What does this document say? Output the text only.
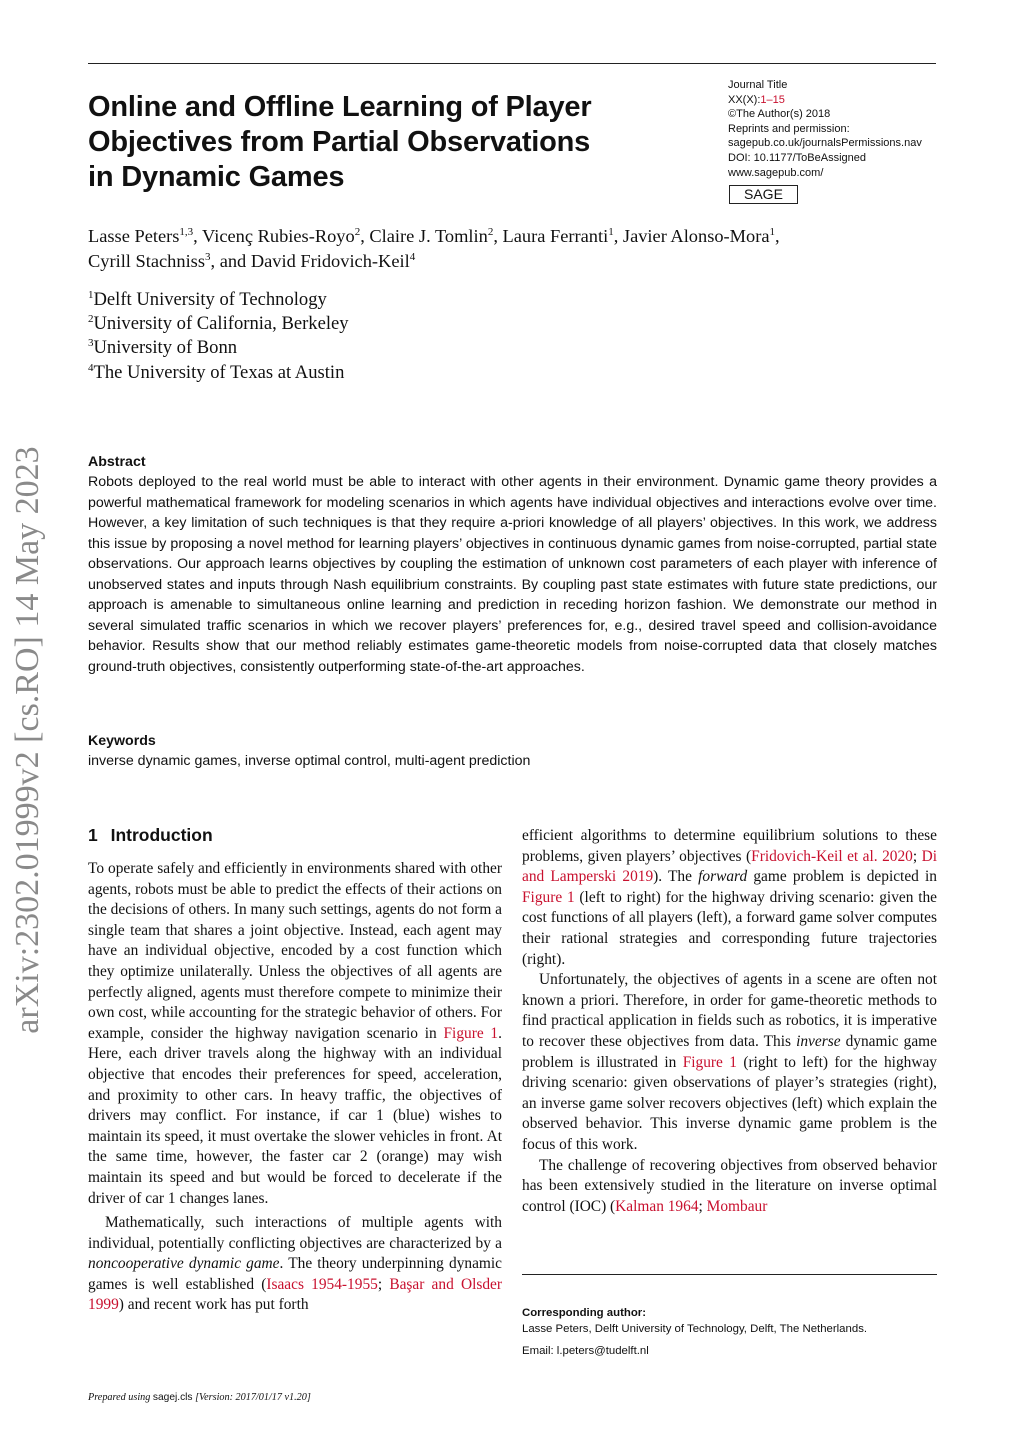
Online and Offline Learning of Player
Objectives from Partial Observations
in Dynamic Games
Journal Title
XX(X):1–15
©The Author(s) 2018
Reprints and permission:
sagepub.co.uk/journalsPermissions.nav
DOI: 10.1177/ToBeAssigned
www.sagepub.com/
SAGE
Lasse Peters$^{1,3}$, Vicenç Rubies-Royo$^2$, Claire J. Tomlin$^2$, Laura Ferranti$^1$, Javier Alonso-Mora$^1$,
Cyrill Stachniss$^3$, and David Fridovich-Keil$^4$
$^1$Delft University of Technology
$^2$University of California, Berkeley
$^3$University of Bonn
$^4$The University of Texas at Austin
arXiv:2302.01999v2 [cs.RO] 14 May 2023	Abstract

Robots deployed to the real world must be able to interact with other agents in their environment. Dynamic game theory provides a powerful mathematical framework for modeling scenarios in which agents have individual objectives and interactions evolve over time. However, a key limitation of such techniques is that they require a-priori knowledge of all players’ objectives. In this work, we address this issue by proposing a novel method for learning players’ objectives in continuous dynamic games from noise-corrupted, partial state observations. Our approach learns objectives by coupling the estimation of unknown cost parameters of each player with inference of unobserved states and inputs through Nash equilibrium constraints. By coupling past state estimates with future state predictions, our approach is amenable to simultaneous online learning and prediction in receding horizon fashion. We demonstrate our method in several simulated traffic scenarios in which we recover players’ preferences for, e.g., desired travel speed and collision-avoidance behavior. Results show that our method reliably estimates game-theoretic models from noise-corrupted data that closely matches ground-truth objectives, consistently outperforming state-of-the-art approaches.

Keywords
inverse dynamic games, inverse optimal control, multi-agent prediction
1 Introduction

To operate safely and efficiently in environments shared with other agents, robots must be able to predict the effects of their actions on the decisions of others. In many such settings, agents do not form a single team that shares a joint objective. Instead, each agent may have an individual objective, encoded by a cost function which they optimize unilaterally. Unless the objectives of all agents are perfectly aligned, agents must therefore compete to minimize their own cost, while accounting for the strategic behavior of others. For example, consider the highway navigation scenario in Figure 1. Here, each driver travels along the highway with an individual objective that encodes their preferences for speed, acceleration, and proximity to other cars. In heavy traffic, the objectives of drivers may conflict. For instance, if car 1 (blue) wishes to maintain its speed, it must overtake the slower vehicles in front. At the same time, however, the faster car 2 (orange) may wish maintain its speed and but would be forced to decelerate if the driver of car 1 changes lanes.

Mathematically, such interactions of multiple agents with individual, potentially conflicting objectives are characterized by a noncooperative dynamic game. The theory underpinning dynamic games is well established (Isaacs 1954-1955; Başar and Olsder 1999) and recent work has put forth

efficient algorithms to determine equilibrium solutions to these problems, given players’ objectives (Fridovich-Keil et al. 2020; Di and Lamperski 2019). The forward game problem is depicted in Figure 1 (left to right) for the highway driving scenario: given the cost functions of all players (left), a forward game solver computes their rational strategies and corresponding future trajectories (right).

Unfortunately, the objectives of agents in a scene are often not known a priori. Therefore, in order for game-theoretic methods to find practical application in fields such as robotics, it is imperative to recover these objectives from data. This inverse dynamic game problem is illustrated in Figure 1 (right to left) for the highway driving scenario: given observations of player’s strategies (right), an inverse game solver recovers objectives (left) which explain the observed behavior. This inverse dynamic game problem is the focus of this work.

The challenge of recovering objectives from observed behavior has been extensively studied in the literature on inverse optimal control (IOC) (Kalman 1964; Mombaur

Corresponding author:
Lasse Peters, Delft University of Technology, Delft, The Netherlands.
Email: l.peters@tudelft.nl
Prepared using sagej.cls [Version: 2017/01/17 v1.20]
